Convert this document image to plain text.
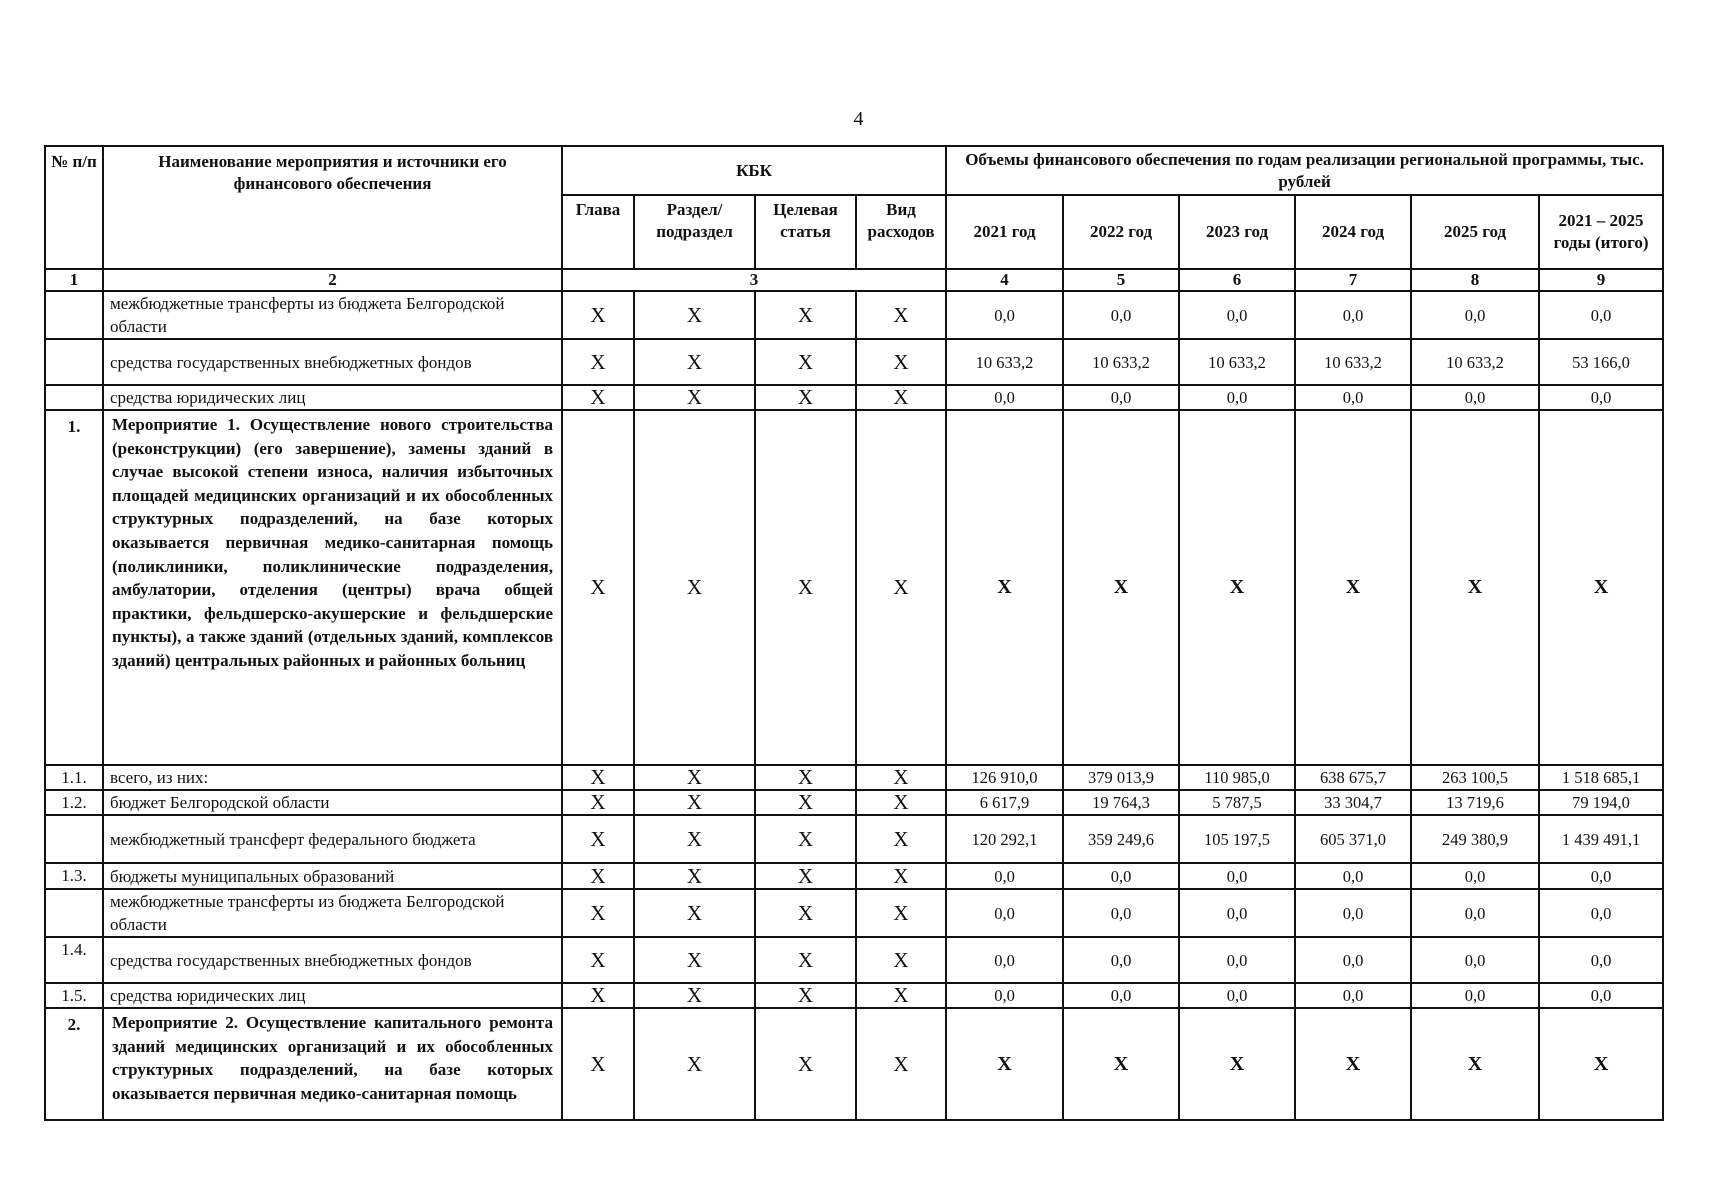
4
№ п/п	Наименование мероприятия и источники его финансового обеспечения	КБК				Объемы финансового обеспечения по годам реализации региональной программы, тыс. рублей					
		Глава	Раздел/ подраздел	Целевая статья	Вид расходов	2021 год	2022 год	2023 год	2024 год	2025 год	2021 – 2025 годы (итого)
1	2	3				4	5	6	7	8	9
	межбюджетные трансферты из бюджета Белгородской области	X	X	X	X	0,0	0,0	0,0	0,0	0,0	0,0
	средства государственных внебюджетных фондов	X	X	X	X	10 633,2	10 633,2	10 633,2	10 633,2	10 633,2	53 166,0
	средства юридических лиц	X	X	X	X	0,0	0,0	0,0	0,0	0,0	0,0
1.	Мероприятие 1. Осуществление нового строительства (реконструкции) (его завершение), замены зданий в случае высокой степени износа, наличия избыточных площадей медицинских организаций и их обособленных структурных подразделений, на базе которых оказывается первичная медико-санитарная помощь (поликлиники, поликлинические подразделения, амбулатории, отделения (центры) врача общей практики, фельдшерско-акушерские и фельдшерские пункты), а также зданий (отдельных зданий, комплексов зданий) центральных районных и районных больниц	X	X	X	X	X	X	X	X	X	X
1.1.	всего, из них:	X	X	X	X	126 910,0	379 013,9	110 985,0	638 675,7	263 100,5	1 518 685,1
1.2.	бюджет Белгородской области	X	X	X	X	6 617,9	19 764,3	5 787,5	33 304,7	13 719,6	79 194,0
	межбюджетный трансферт федерального бюджета	X	X	X	X	120 292,1	359 249,6	105 197,5	605 371,0	249 380,9	1 439 491,1
1.3.	бюджеты муниципальных образований	X	X	X	X	0,0	0,0	0,0	0,0	0,0	0,0
	межбюджетные трансферты из бюджета Белгородской области	X	X	X	X	0,0	0,0	0,0	0,0	0,0	0,0
1.4.	средства государственных внебюджетных фондов	X	X	X	X	0,0	0,0	0,0	0,0	0,0	0,0
1.5.	средства юридических лиц	X	X	X	X	0,0	0,0	0,0	0,0	0,0	0,0
2.	Мероприятие 2. Осуществление капитального ремонта зданий медицинских организаций и их обособленных структурных подразделений, на базе которых оказывается первичная медико-санитарная помощь	X	X	X	X	X	X	X	X	X	X
